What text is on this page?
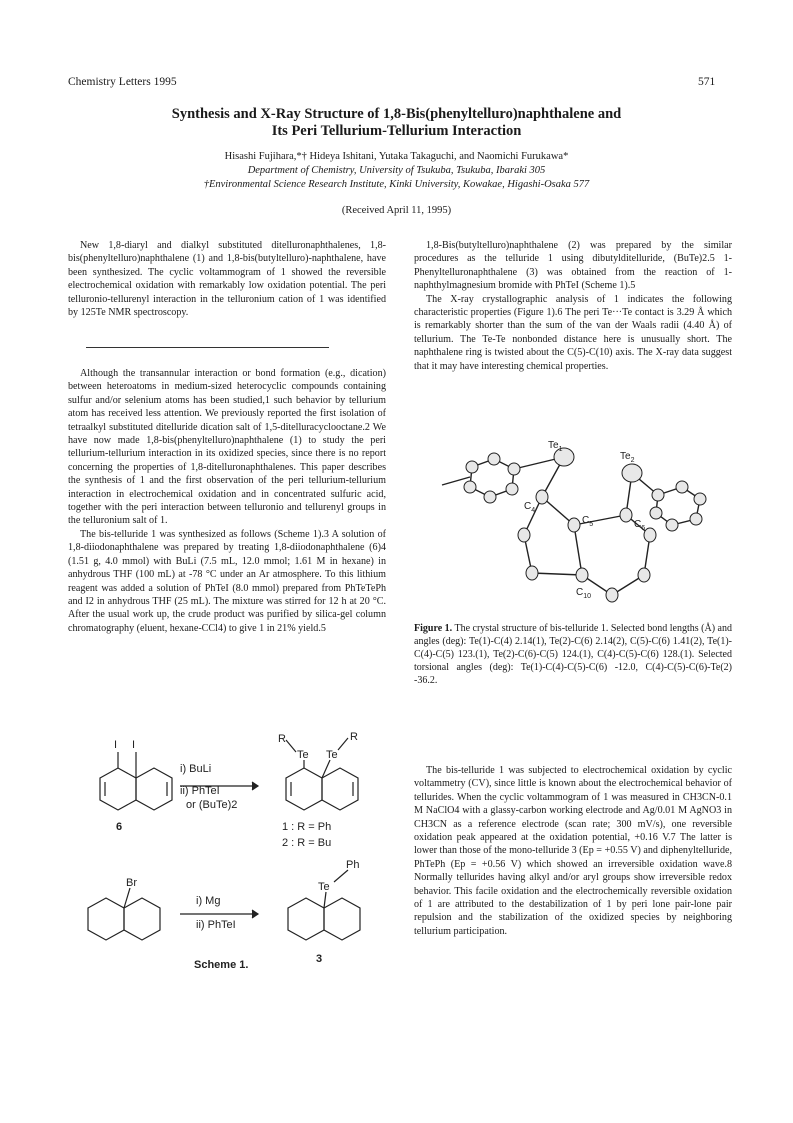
Chemistry Letters 1995	571
Synthesis and X-Ray Structure of 1,8-Bis(phenyltelluro)naphthalene and
Its Peri Tellurium-Tellurium Interaction
Hisashi Fujihara,*† Hideya Ishitani, Yutaka Takaguchi, and Naomichi Furukawa*
Department of Chemistry, University of Tsukuba, Tsukuba, Ibaraki 305
†Environmental Science Research Institute, Kinki University, Kowakae, Higashi-Osaka 577
(Received April 11, 1995)
New 1,8-diaryl and dialkyl substituted ditelluronaphthalenes, 1,8-bis(phenyltelluro)naphthalene (1) and 1,8-bis(butyltelluro)-naphthalene, have been synthesized. The cyclic voltammogram of 1 showed the reversible electrochemical oxidation with remarkably low oxidation potential. The peri telluronio-tellurenyl interaction in the telluronium cation of 1 was identified by 125Te NMR spectroscopy.

Although the transannular interaction or bond formation (e.g., dication) between heteroatoms in medium-sized heterocyclic compounds containing sulfur and/or selenium atoms has been studied,1 such behavior by tellurium atom has received less attention. We previously reported the first isolation of tetraalkyl substituted ditelluride dication salt of 1,5-ditelluracyclooctane.2 We have now made 1,8-bis(phenyltelluro)naphthalene (1) to study the peri tellurium-tellurium interaction in its oxidized species, since there is no report concerning the properties of 1,8-ditelluronaphthalenes. This paper describes the synthesis of 1 and the first observation of the peri tellurium-tellurium interaction in electrochemical oxidation and in concentrated sulfuric acid, together with the peri interaction between telluronio and tellurenyl groups in the telluronium salt of 1.

The bis-telluride 1 was synthesized as follows (Scheme 1).3 A solution of 1,8-diiodonaphthalene was prepared by treating 1,8-diiodonaphthalene (6)4 (1.51 g, 4.0 mmol) with BuLi (7.5 mL, 12.0 mmol; 1.61 M in hexane) in anhydrous THF (100 mL) at -78 °C under an Ar atmosphere. To this lithium reagent was added a solution of PhTeI (8.0 mmol) prepared from PhTeTePh and I2 in anhydrous THF (25 mL). The mixture was stirred for 12 h at 20 °C. After the usual work up, the crude product was purified by silica-gel column chromatography (eluent, hexane-CCl4) to give 1 in 21% yield.5

I I
Te Te
R	R
Br	Te
Ph
i) BuLi
ii) PhTeI
or (BuTe)2
i) Mg
ii) PhTeI
6	1 : R = Ph
2 : R = Bu
3
Scheme 1.

1,8-Bis(butyltelluro)naphthalene (2) was prepared by the similar procedures as the telluride 1 using dibutylditelluride, (BuTe)2.5 1-Phenyltelluronaphthalene (3) was obtained from the reaction of 1-naphthylmagnesium bromide with PhTeI (Scheme 1).5

The X-ray crystallographic analysis of 1 indicates the following characteristic properties (Figure 1).6 The peri Te···Te contact is 3.29 Å which is remarkably shorter than the sum of the van der Waals radii (4.40 Å) of tellurium. The Te-Te nonbonded distance here is unusually short. The naphthalene ring is twisted about the C(5)-C(10) axis. The X-ray data suggest that it may have interesting chemical properties.

$Te_1$
$Te_2$
$C_4$
$C_5$	$C_6$
$C_{10}$
Figure 1. The crystal structure of bis-telluride 1. Selected bond lengths (Å) and angles (deg): Te(1)-C(4) 2.14(1), Te(2)-C(6) 2.14(2), C(5)-C(6) 1.41(2), Te(1)-C(4)-C(5) 123.(1), Te(2)-C(6)-C(5) 124.(1), C(4)-C(5)-C(6) 128.(1). Selected torsional angles (deg): Te(1)-C(4)-C(5)-C(6) -12.0, C(4)-C(5)-C(6)-Te(2) -36.2.

The bis-telluride 1 was subjected to electrochemical oxidation by cyclic voltammetry (CV), since little is known about the electrochemical behavior of tellurides. When the cyclic voltammogram of 1 was measured in CH3CN-0.1 M NaClO4 with a glassy-carbon working electrode and Ag/0.01 M AgNO3 in CH3CN as a reference electrode (scan rate; 300 mV/s), one reversible oxidation peak appeared at the oxidation potential, +0.16 V.7 The latter is lower than those of the mono-telluride 3 (Ep = +0.55 V) and diphenyltelluride, PhTePh (Ep = +0.56 V) which showed an irreversible oxidation wave.8 Normally tellurides having alkyl and/or aryl groups show irreversible redox behavior. This facile oxidation and the electrochemically reversible oxidation of 1 are attributed to the destabilization of 1 by peri lone pair-lone pair repulsion and the stabilization of the oxidized species by neighboring tellurium participation.
